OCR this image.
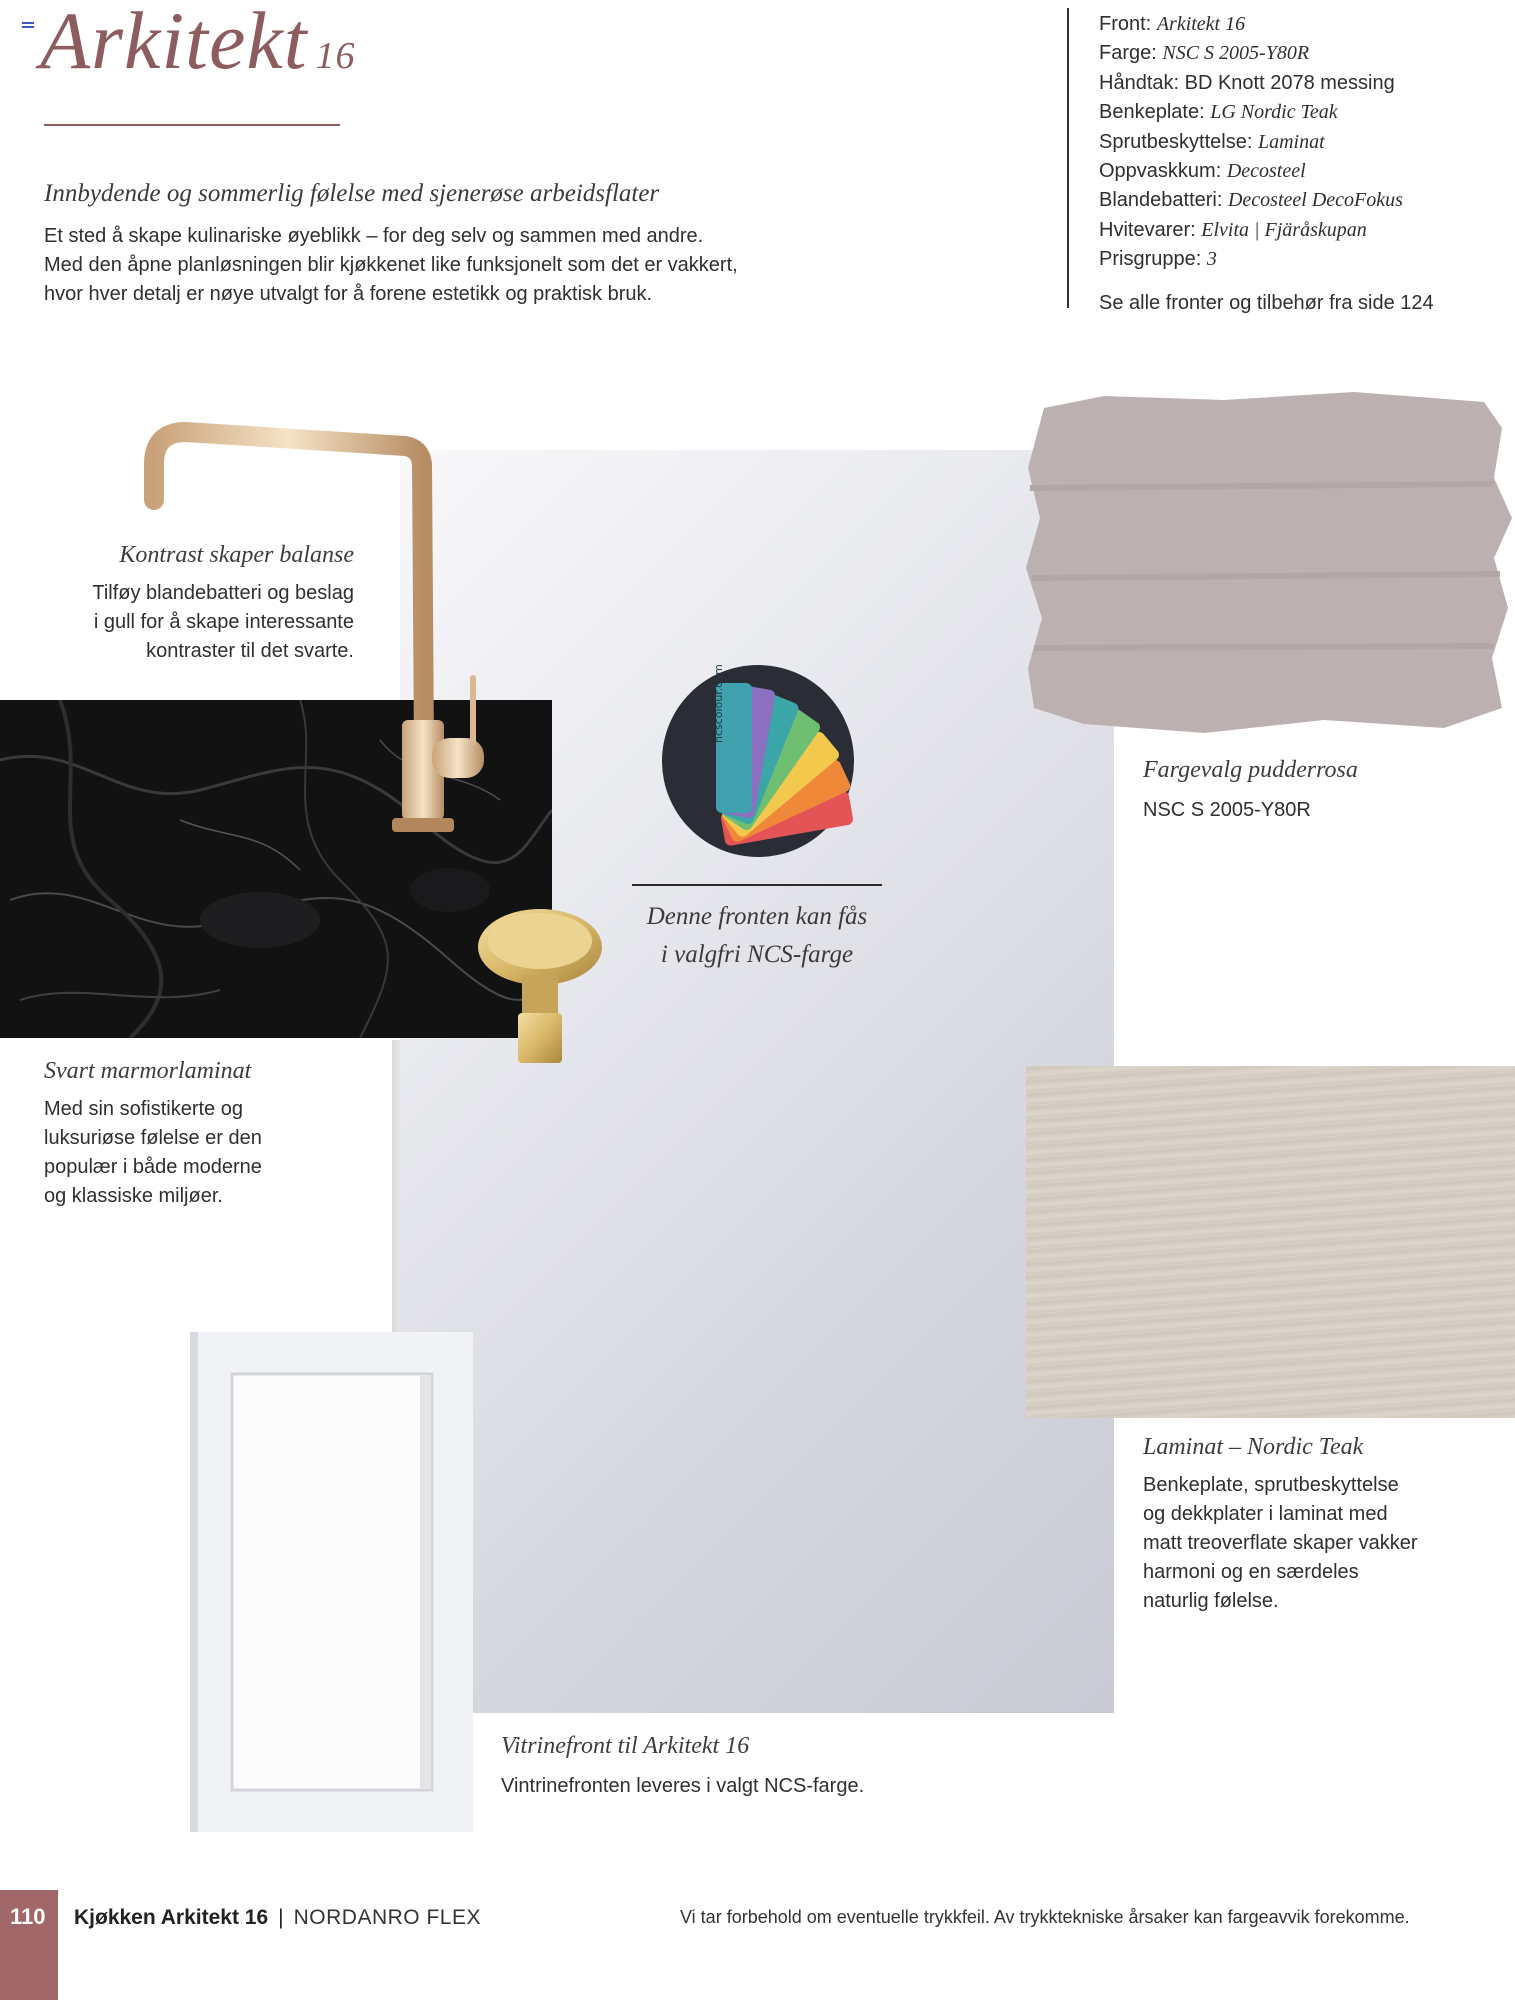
Arkitekt 16
Innbydende og sommerlig følelse med sjenerøse arbeidsflater
Et sted å skape kulinariske øyeblikk – for deg selv og sammen med andre.
Med den åpne planløsningen blir kjøkkenet like funksjonelt som det er vakkert,
hvor hver detalj er nøye utvalgt for å forene estetikk og praktisk bruk.
Front: Arkitekt 16
Farge: NSC S 2005-Y80R
Håndtak: BD Knott 2078 messing
Benkeplate: LG Nordic Teak
Sprutbeskyttelse: Laminat
Oppvaskkum: Decosteel
Blandebatteri: Decosteel DecoFokus
Hvitevarer: Elvita | Fjäråskupan
Prisgruppe: 3
Se alle fronter og tilbehør fra side 124
ncscolour.com
Denne fronten kan fås
i valgfri NCS-farge
Kontrast skaper balanse
Tilføy blandebatteri og beslag
i gull for å skape interessante
kontraster til det svarte.
Svart marmorlaminat
Med sin sofistikerte og
luksuriøse følelse er den
populær i både moderne
og klassiske miljøer.
Fargevalg pudderrosa
NSC S 2005-Y80R
Laminat – Nordic Teak
Benkeplate, sprutbeskyttelse
og dekkplater i laminat med
matt treoverflate skaper vakker
harmoni og en særdeles
naturlig følelse.
Vitrinefront til Arkitekt 16
Vintrinefronten leveres i valgt NCS-farge.
110 Kjøkken Arkitekt 16 | NORDANRO FLEX	Vi tar forbehold om eventuelle trykkfeil. Av trykktekniske årsaker kan fargeavvik forekomme.
